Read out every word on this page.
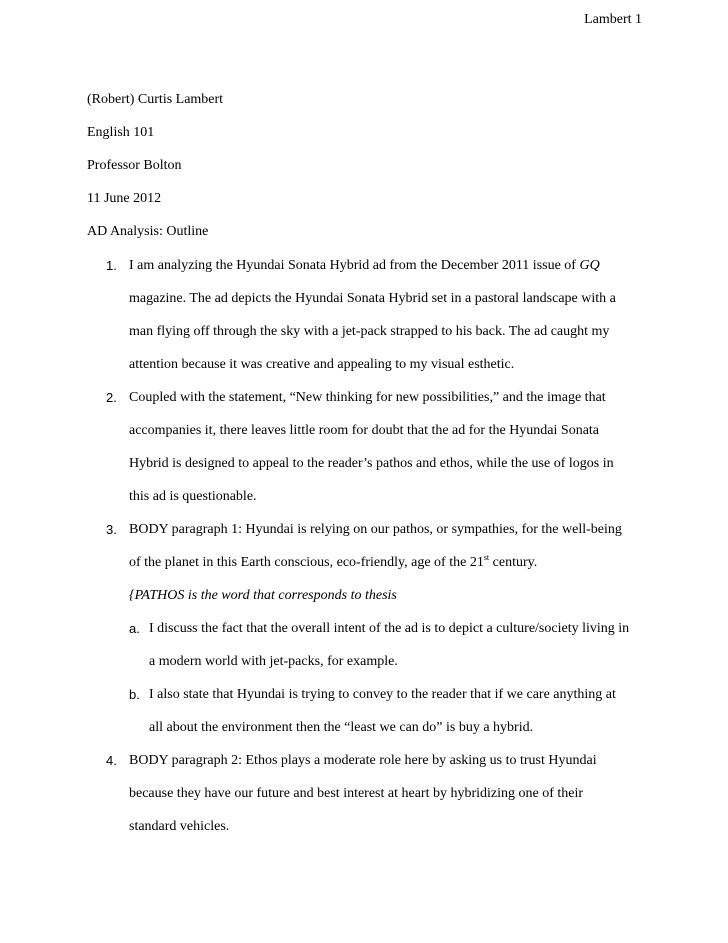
Lambert 1
(Robert) Curtis Lambert
English 101
Professor Bolton
11 June 2012
AD Analysis: Outline
1. I am analyzing the Hyundai Sonata Hybrid ad from the December 2011 issue of GQ
magazine. The ad depicts the Hyundai Sonata Hybrid set in a pastoral landscape with a
man flying off through the sky with a jet-pack strapped to his back. The ad caught my
attention because it was creative and appealing to my visual esthetic.
2. Coupled with the statement, “New thinking for new possibilities,” and the image that
accompanies it, there leaves little room for doubt that the ad for the Hyundai Sonata
Hybrid is designed to appeal to the reader’s pathos and ethos, while the use of logos in
this ad is questionable.
3. BODY paragraph 1: Hyundai is relying on our pathos, or sympathies, for the well-being
of the planet in this Earth conscious, eco-friendly, age of the 21st century.
{PATHOS is the word that corresponds to thesis
a. I discuss the fact that the overall intent of the ad is to depict a culture/society living in
a modern world with jet-packs, for example.
b. I also state that Hyundai is trying to convey to the reader that if we care anything at
all about the environment then the “least we can do” is buy a hybrid.
4. BODY paragraph 2: Ethos plays a moderate role here by asking us to trust Hyundai
because they have our future and best interest at heart by hybridizing one of their
standard vehicles.
